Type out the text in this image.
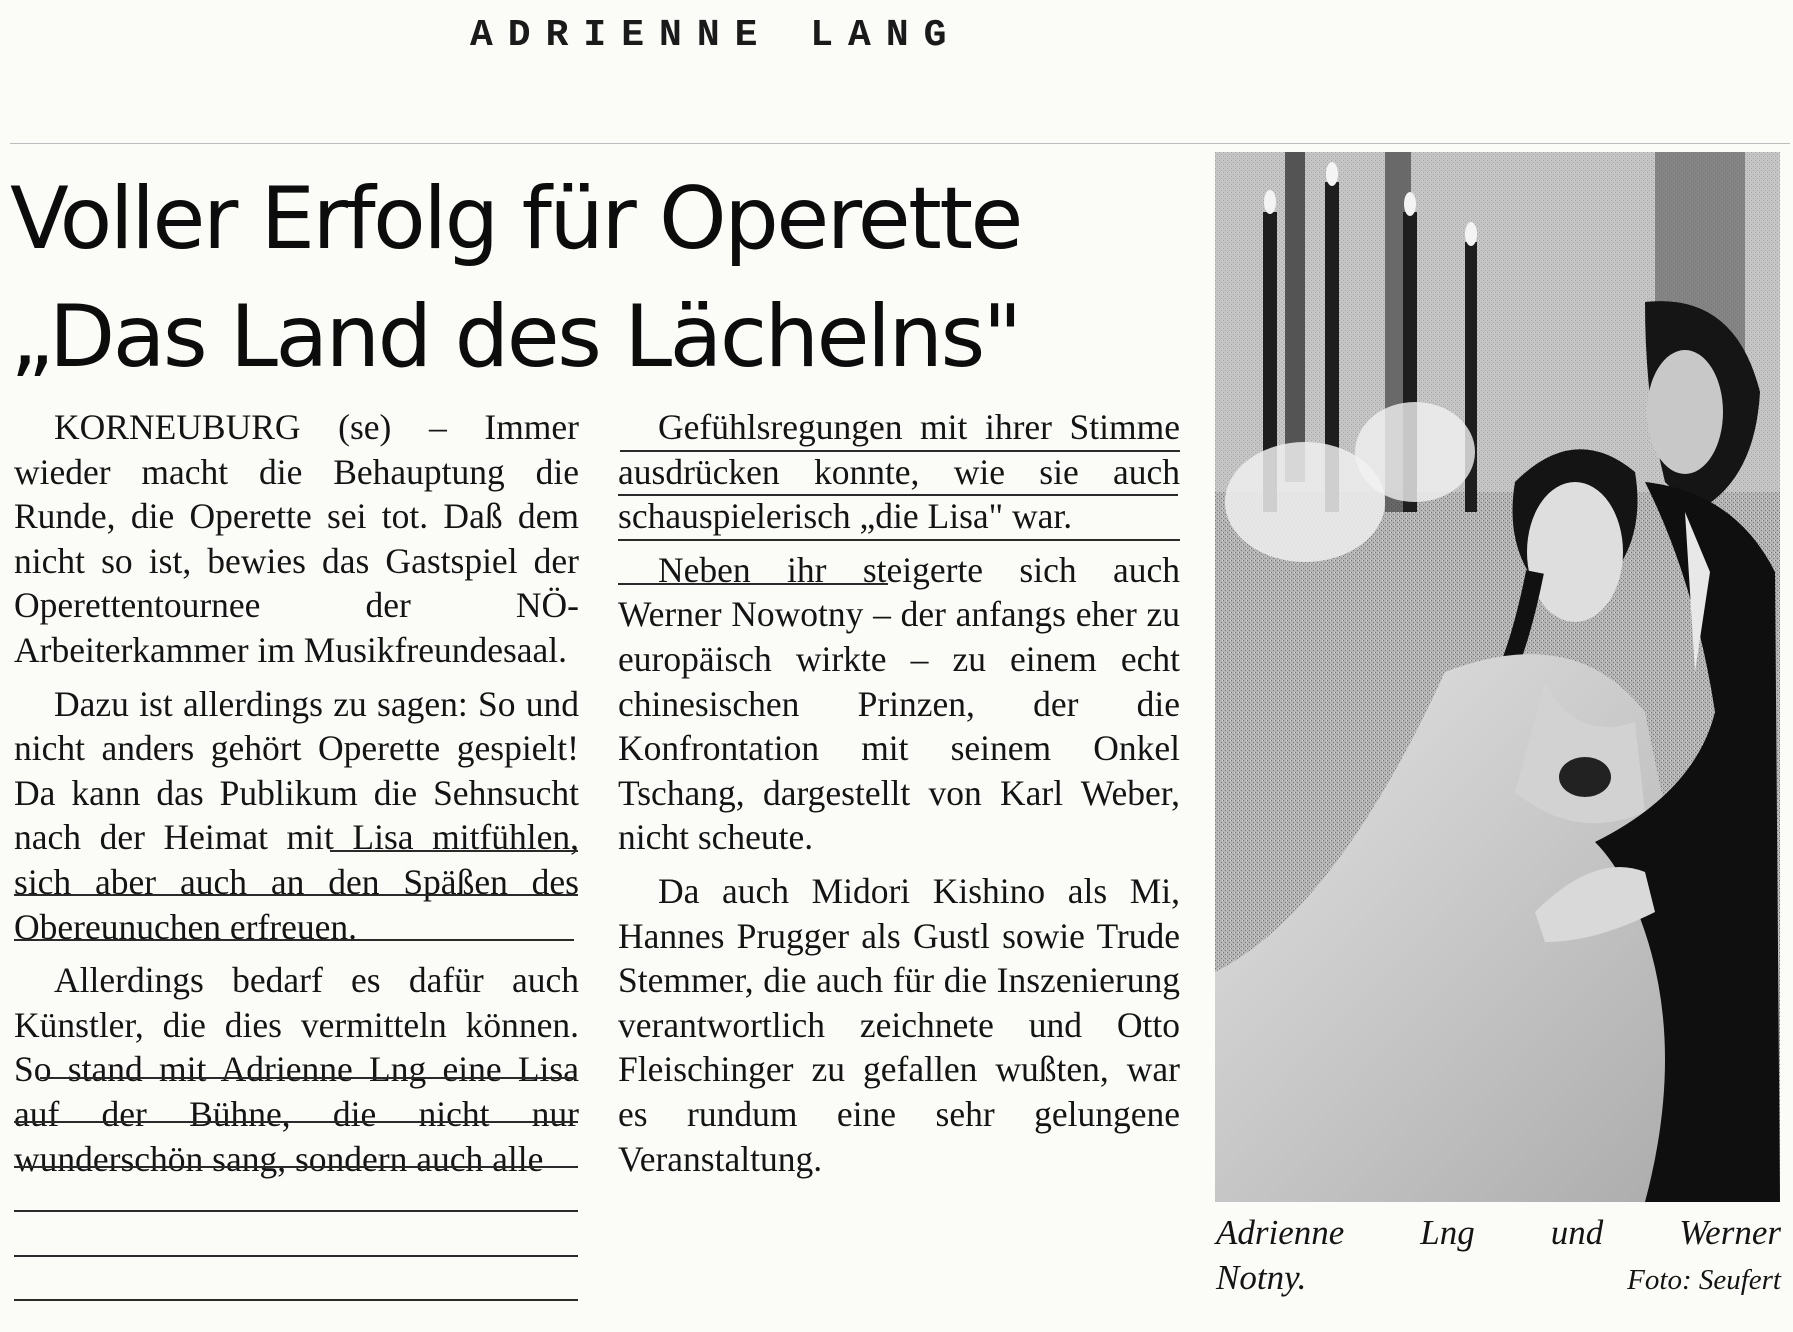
ADRIENNE LANG
Voller Erfolg für Operette
„Das Land des Lächelns"

KORNEUBURG (se) – Immer wieder macht die Behauptung die Runde, die Operette sei tot. Daß dem nicht so ist, bewies das Gastspiel der Operettentournee der NÖ-Arbeiterkammer im Musikfreundesaal.

Dazu ist allerdings zu sagen: So und nicht anders gehört Operette gespielt! Da kann das Publikum die Sehnsucht nach der Heimat mit Lisa mitfühlen, sich aber auch an den Späßen des Obereunuchen erfreuen.

Allerdings bedarf es dafür auch Künstler, die dies vermitteln können. So stand mit Adrienne Lng eine Lisa auf der Bühne, die nicht nur wunderschön sang, sondern auch alle

Gefühlsregungen mit ihrer Stimme ausdrücken konnte, wie sie auch schauspielerisch „die Lisa" war.

Neben ihr steigerte sich auch Werner Nowotny – der anfangs eher zu europäisch wirkte – zu einem echt chinesischen Prinzen, der die Konfrontation mit seinem Onkel Tschang, dargestellt von Karl Weber, nicht scheute.

Da auch Midori Kishino als Mi, Hannes Prugger als Gustl sowie Trude Stemmer, die auch für die Inszenierung verantwortlich zeichnete und Otto Fleischinger zu gefallen wußten, war es rundum eine sehr gelungene Veranstaltung.

Adrienne Lng und Werner
Notny.	Foto: Seufert
